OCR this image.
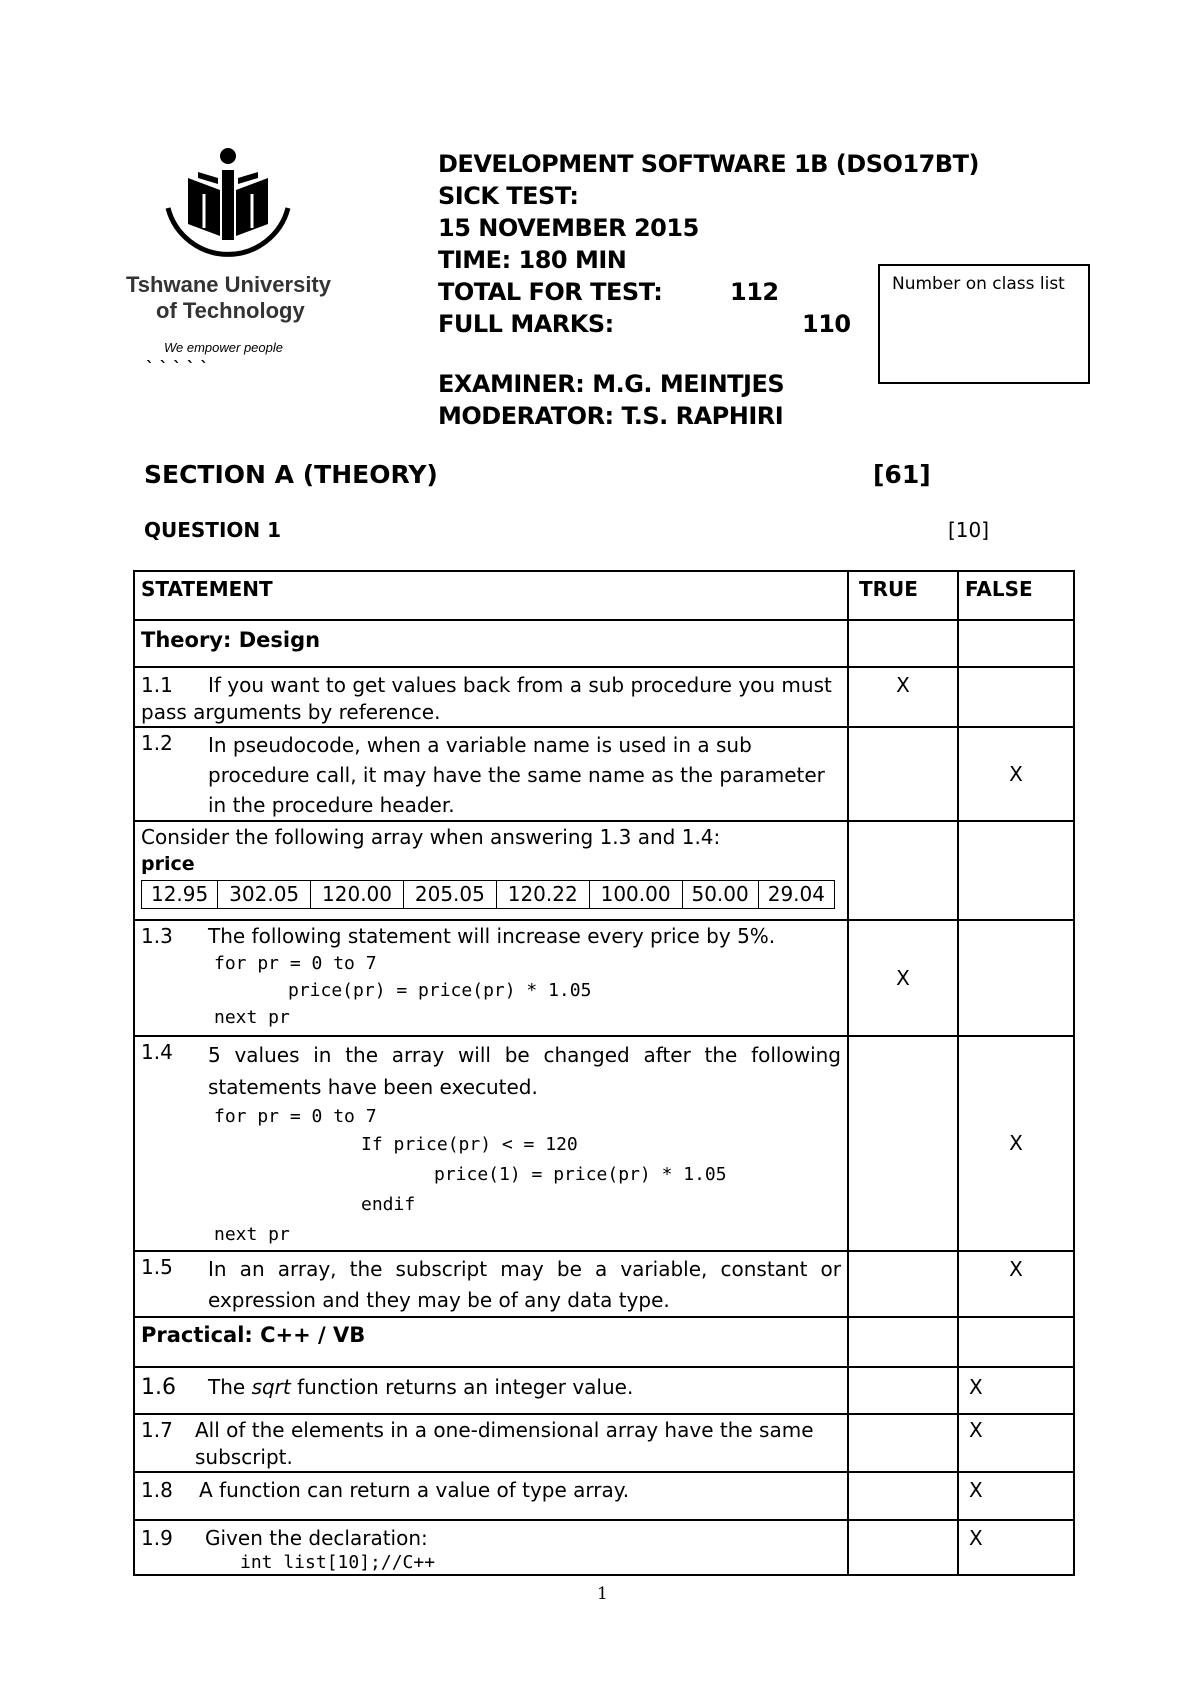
Tshwane University
of Technology
We empower people
` ` ` ` `
DEVELOPMENT SOFTWARE 1B (DSO17BT)
SICK TEST:
15 NOVEMBER 2015
TIME: 180 MIN
TOTAL FOR TEST:	112
FULL MARKS:	110
EXAMINER: M.G. MEINTJES
MODERATOR: T.S. RAPHIRI
Number on class list
SECTION A (THEORY)	[61]
QUESTION 1	[10]
STATEMENT	TRUE	FALSE
Theory: Design		
1.1 If you want to get values back from a sub procedure you must pass arguments by reference.	X	

1.2	In pseudocode, when a variable name is used in a sub procedure call, it may have the same name as the parameter in the procedure header.
		X

Consider the following array when answering 1.3 and 1.4:
price
12.95	302.05	120.00	205.05	120.22	100.00	50.00	29.04

1.3 The following statement will increase every price by 5%.
for pr = 0 to 7
price(pr) = price(pr) * 1.05
next pr
	X	

1.4	5 values in the array will be changed after the following statements have been executed.
for pr = 0 to 7
If price(pr) < = 120
price(1) = price(pr) * 1.05
endif
next pr
		X

1.5	In an array, the subscript may be a variable, constant or expression and they may be of any data type.
		X
Practical: C++ / VB		
1.6 The sqrt function returns an integer value.		X

1.7	All of the elements in a one-dimensional array have the same subscript.
		X
1.8 A function can return a value of type array.		X

1.9 Given the declaration:
int list[10];//C++
		X
1
